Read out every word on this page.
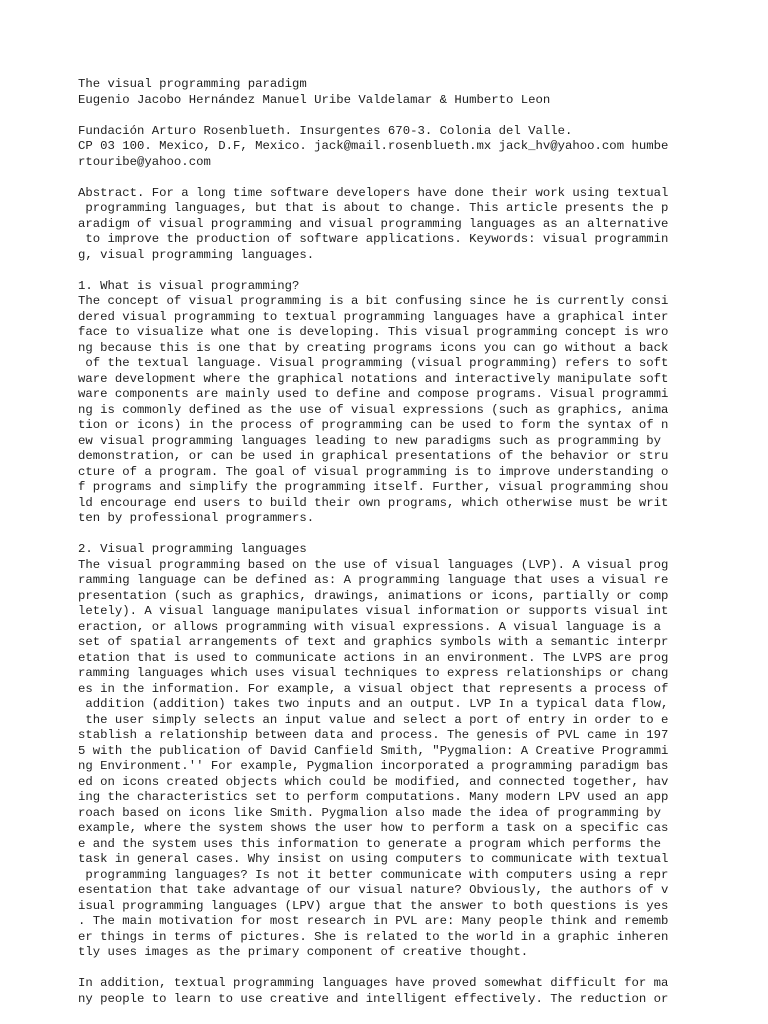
The visual programming paradigm
Eugenio Jacobo Hernández Manuel Uribe Valdelamar & Humberto Leon
Fundación Arturo Rosenblueth. Insurgentes 670-3. Colonia del Valle.
CP 03 100. Mexico, D.F, Mexico. jack@mail.rosenblueth.mx jack_hv@yahoo.com humbe
rtouribe@yahoo.com
Abstract. For a long time software developers have done their work using textual
programming languages, but that is about to change. This article presents the p
aradigm of visual programming and visual programming languages as an alternative
to improve the production of software applications. Keywords: visual programmin
g, visual programming languages.
1. What is visual programming?
The concept of visual programming is a bit confusing since he is currently consi
dered visual programming to textual programming languages have a graphical inter
face to visualize what one is developing. This visual programming concept is wro
ng because this is one that by creating programs icons you can go without a back
of the textual language. Visual programming (visual programming) refers to soft
ware development where the graphical notations and interactively manipulate soft
ware components are mainly used to define and compose programs. Visual programmi
ng is commonly defined as the use of visual expressions (such as graphics, anima
tion or icons) in the process of programming can be used to form the syntax of n
ew visual programming languages leading to new paradigms such as programming by
demonstration, or can be used in graphical presentations of the behavior or stru
cture of a program. The goal of visual programming is to improve understanding o
f programs and simplify the programming itself. Further, visual programming shou
ld encourage end users to build their own programs, which otherwise must be writ
ten by professional programmers.
2. Visual programming languages
The visual programming based on the use of visual languages (LVP). A visual prog
ramming language can be defined as: A programming language that uses a visual re
presentation (such as graphics, drawings, animations or icons, partially or comp
letely). A visual language manipulates visual information or supports visual int
eraction, or allows programming with visual expressions. A visual language is a
set of spatial arrangements of text and graphics symbols with a semantic interpr
etation that is used to communicate actions in an environment. The LVPS are prog
ramming languages which uses visual techniques to express relationships or chang
es in the information. For example, a visual object that represents a process of
addition (addition) takes two inputs and an output. LVP In a typical data flow,
the user simply selects an input value and select a port of entry in order to e
stablish a relationship between data and process. The genesis of PVL came in 197
5 with the publication of David Canfield Smith, "Pygmalion: A Creative Programmi
ng Environment.'' For example, Pygmalion incorporated a programming paradigm bas
ed on icons created objects which could be modified, and connected together, hav
ing the characteristics set to perform computations. Many modern LPV used an app
roach based on icons like Smith. Pygmalion also made the idea of programming by
example, where the system shows the user how to perform a task on a specific cas
e and the system uses this information to generate a program which performs the
task in general cases. Why insist on using computers to communicate with textual
programming languages? Is not it better communicate with computers using a repr
esentation that take advantage of our visual nature? Obviously, the authors of v
isual programming languages (LPV) argue that the answer to both questions is yes
. The main motivation for most research in PVL are: Many people think and rememb
er things in terms of pictures. She is related to the world in a graphic inheren
tly uses images as the primary component of creative thought.
In addition, textual programming languages have proved somewhat difficult for ma
ny people to learn to use creative and intelligent effectively. The reduction or
